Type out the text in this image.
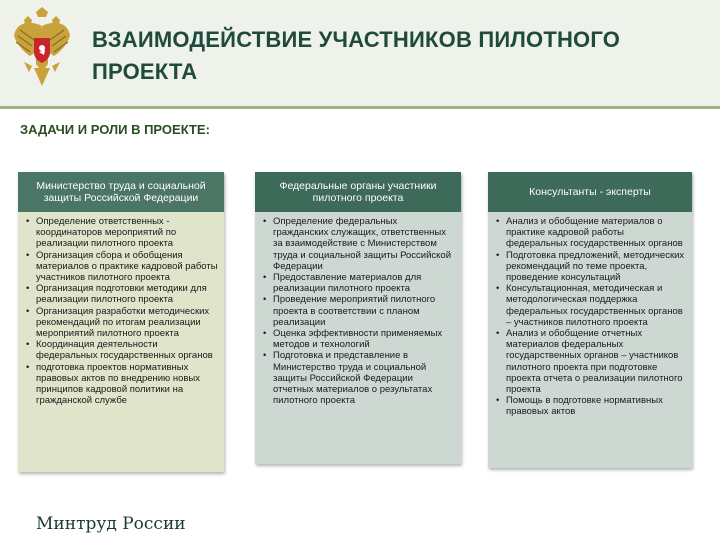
ВЗАИМОДЕЙСТВИЕ УЧАСТНИКОВ ПИЛОТНОГО ПРОЕКТА
ЗАДАЧИ И РОЛИ В ПРОЕКТЕ:
Министерство труда и социальной защиты Российской Федерации
• Определение ответственных - координаторов мероприятий по реализации пилотного проекта
• Организация сбора и обобщения материалов о практике кадровой работы участников пилотного проекта
• Организация подготовки методики для реализации пилотного проекта
• Организация разработки методических рекомендаций по итогам реализации мероприятий пилотного проекта
• Координация деятельности федеральных государственных органов
• подготовка проектов нормативных правовых актов по внедрению новых принципов кадровой политики на гражданской службе
Федеральные органы участники пилотного проекта
• Определение федеральных гражданских служащих, ответственных за взаимодействие с Министерством труда и социальной защиты Российской Федерации
• Предоставление материалов для реализации пилотного проекта
• Проведение мероприятий пилотного проекта в соответствии с планом реализации
• Оценка эффективности применяемых методов и технологий
• Подготовка и представление в Министерство труда и социальной защиты Российской Федерации отчетных материалов о результатах пилотного проекта
Консультанты - эксперты
• Анализ и обобщение материалов о практике кадровой работы федеральных государственных органов
• Подготовка предложений, методических рекомендаций по теме проекта, проведение консультаций
• Консультационная, методическая и методологическая поддержка федеральных государственных органов – участников пилотного проекта
• Анализ и обобщение отчетных материалов федеральных государственных органов – участников пилотного проекта при подготовке проекта отчета о реализации пилотного проекта
• Помощь в подготовке нормативных правовых актов
Минтруд России
